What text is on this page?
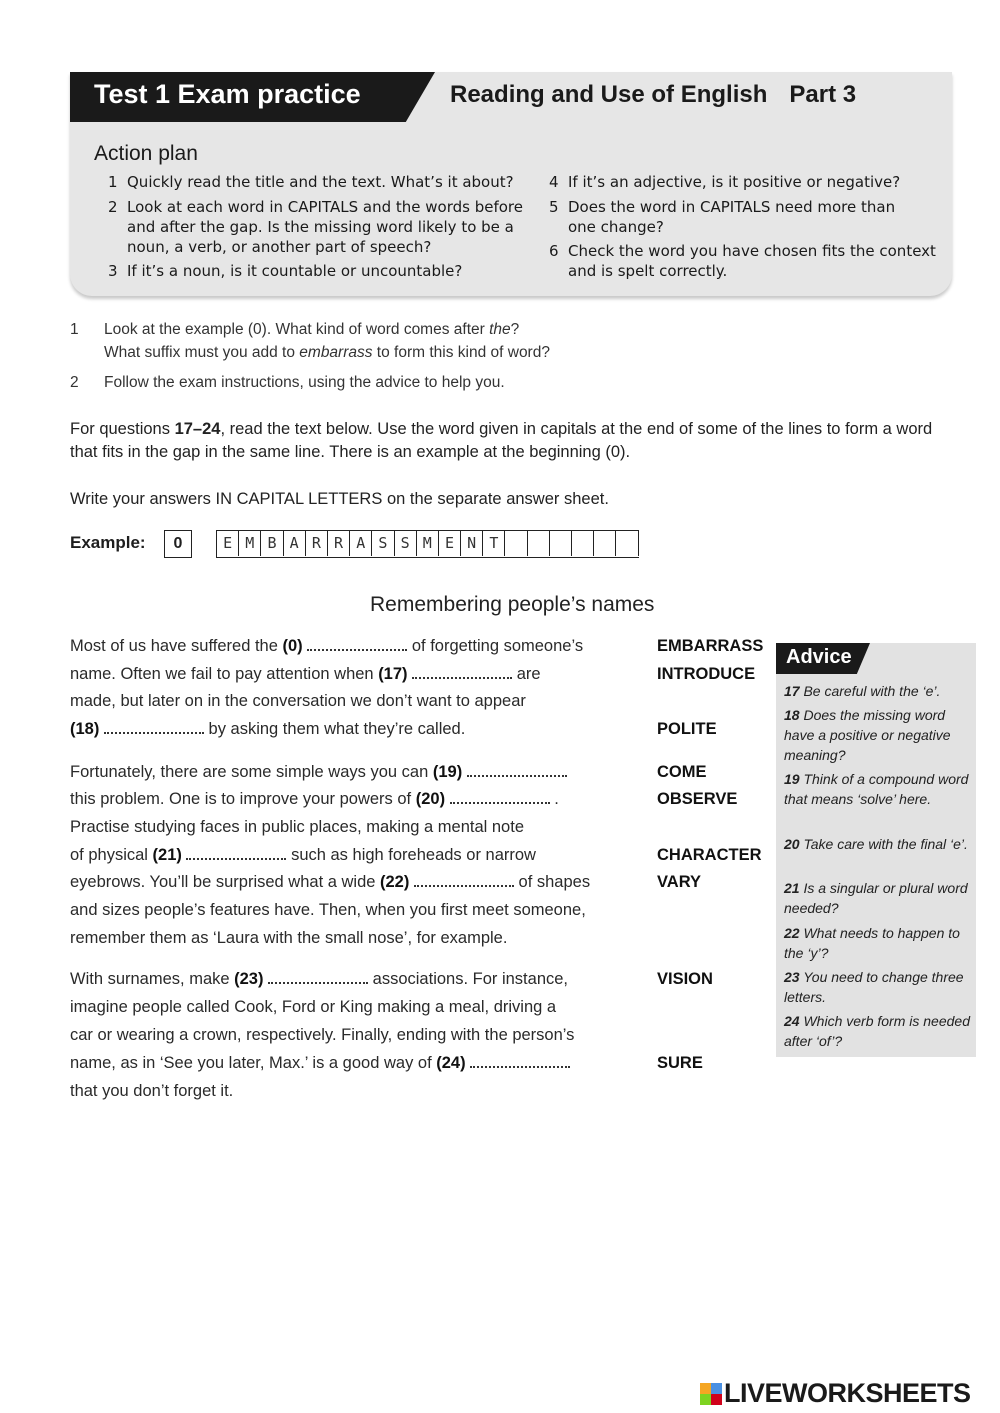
Test 1 Exam practice	Reading and Use of English Part 3
Action plan
1 Quickly read the title and the text. What’s it about?
2 Look at each word in CAPITALS and the words before and after the gap. Is the missing word likely to be a noun, a verb, or another part of speech?
3 If it’s a noun, is it countable or uncountable?
4 If it’s an adjective, is it positive or negative?
5 Does the word in CAPITALS need more than one change?
6 Check the word you have chosen fits the context and is spelt correctly.
1 Look at the example (0). What kind of word comes after the?
What suffix must you add to embarrass to form this kind of word?
2 Follow the exam instructions, using the advice to help you.
For questions 17–24, read the text below. Use the word given in capitals at the end of some of the lines to form a word that fits in the gap in the same line. There is an example at the beginning (0).
Write your answers IN CAPITAL LETTERS on the separate answer sheet.
Example:	0	E M B A R R A S S M E N T
Remembering people’s names
Most of us have suffered the (0)	of forgetting someone’s
name. Often we fail to pay attention when (17)	are
made, but later on in the conversation we don’t want to appear
(18)	by asking them what they’re called.
Fortunately, there are some simple ways you can (19)
this problem. One is to improve your powers of (20)	.
Practise studying faces in public places, making a mental note
of physical (21)	such as high foreheads or narrow
eyebrows. You’ll be surprised what a wide (22)	of shapes
and sizes people’s features have. Then, when you first meet someone,
remember them as ‘Laura with the small nose’, for example.
With surnames, make (23)	associations. For instance,
imagine people called Cook, Ford or King making a meal, driving a
car or wearing a crown, respectively. Finally, ending with the person’s
name, as in ‘See you later, Max.’ is a good way of (24)
that you don’t forget it.
EMBARRASS
INTRODUCE
POLITE
COME
OBSERVE
CHARACTER
VARY
VISION
SURE
Advice
17 Be careful with the ‘e’.
18 Does the missing word have a positive or negative meaning?
19 Think of a compound word that means ‘solve’ here.
20 Take care with the final ‘e’.
21 Is a singular or plural word needed?
22 What needs to happen to the ‘y’?
23 You need to change three letters.
24 Which verb form is needed after ‘of’?
LIVEWORKSHEETS
